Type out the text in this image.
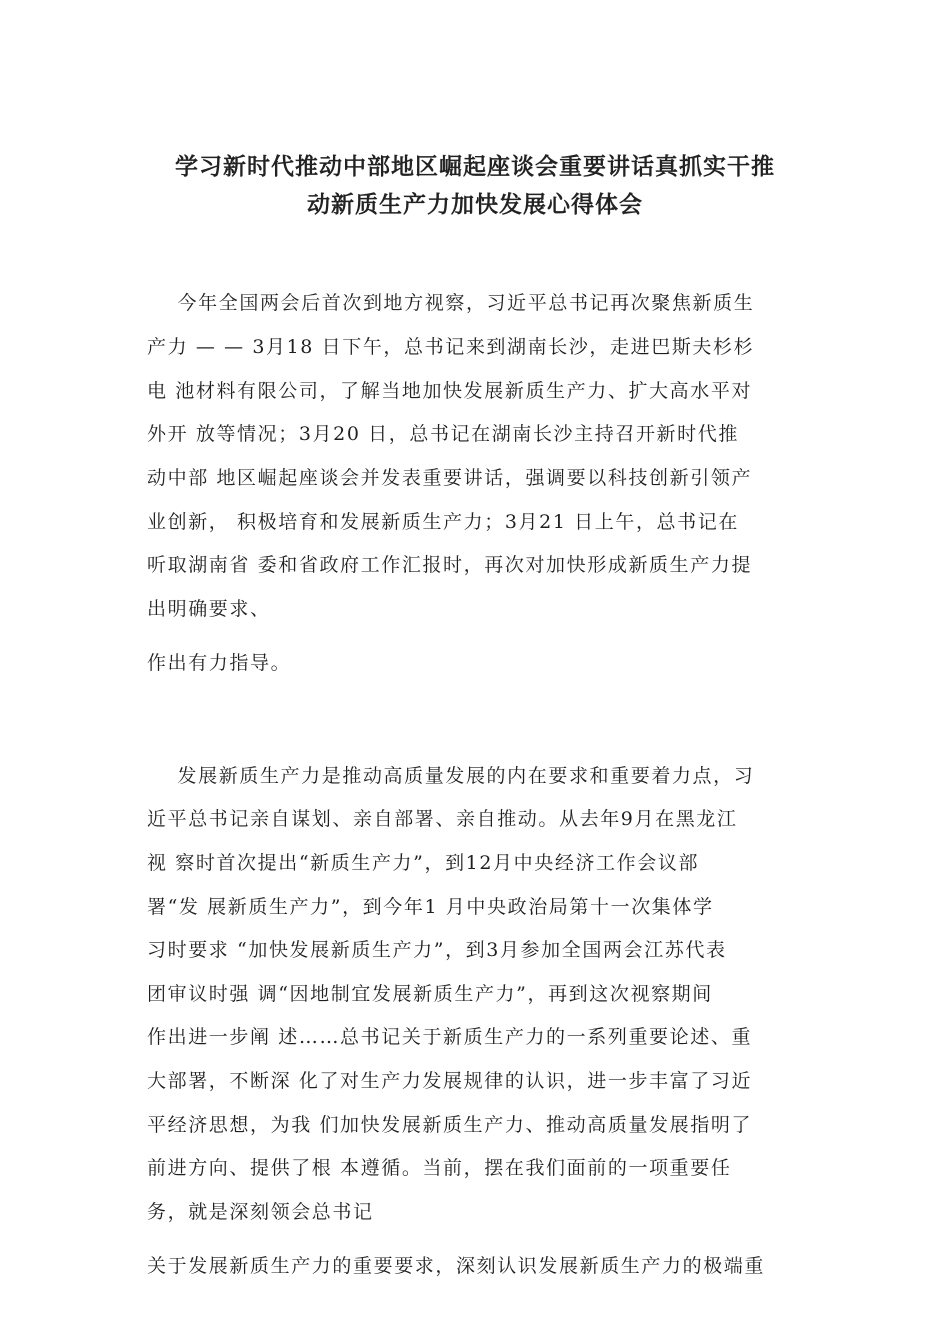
学习新时代推动中部地区崛起座谈会重要讲话真抓实干推
动新质生产力加快发展心得体会
今年全国两会后首次到地方视察，习近平总书记再次聚焦新质生
产力 — — 3月18 日下午，总书记来到湖南长沙，走进巴斯夫杉杉
电 池材料有限公司，了解当地加快发展新质生产力、扩大高水平对
外开 放等情况；3月20 日，总书记在湖南长沙主持召开新时代推
动中部 地区崛起座谈会并发表重要讲话，强调要以科技创新引领产
业创新， 积极培育和发展新质生产力；3月21 日上午，总书记在
听取湖南省 委和省政府工作汇报时，再次对加快形成新质生产力提
出明确要求、
作出有力指导。
发展新质生产力是推动高质量发展的内在要求和重要着力点，习
近平总书记亲自谋划、亲自部署、亲自推动。从去年9月在黑龙江
视 察时首次提出“新质生产力”，到12月中央经济工作会议部
署“发 展新质生产力”，到今年1 月中央政治局第十一次集体学
习时要求 “加快发展新质生产力”，到3月参加全国两会江苏代表
团审议时强 调“因地制宜发展新质生产力”，再到这次视察期间
作出进一步阐 述……总书记关于新质生产力的一系列重要论述、重
大部署，不断深 化了对生产力发展规律的认识，进一步丰富了习近
平经济思想，为我 们加快发展新质生产力、推动高质量发展指明了
前进方向、提供了根 本遵循。当前，摆在我们面前的一项重要任
务，就是深刻领会总书记
关于发展新质生产力的重要要求，深刻认识发展新质生产力的极端重
